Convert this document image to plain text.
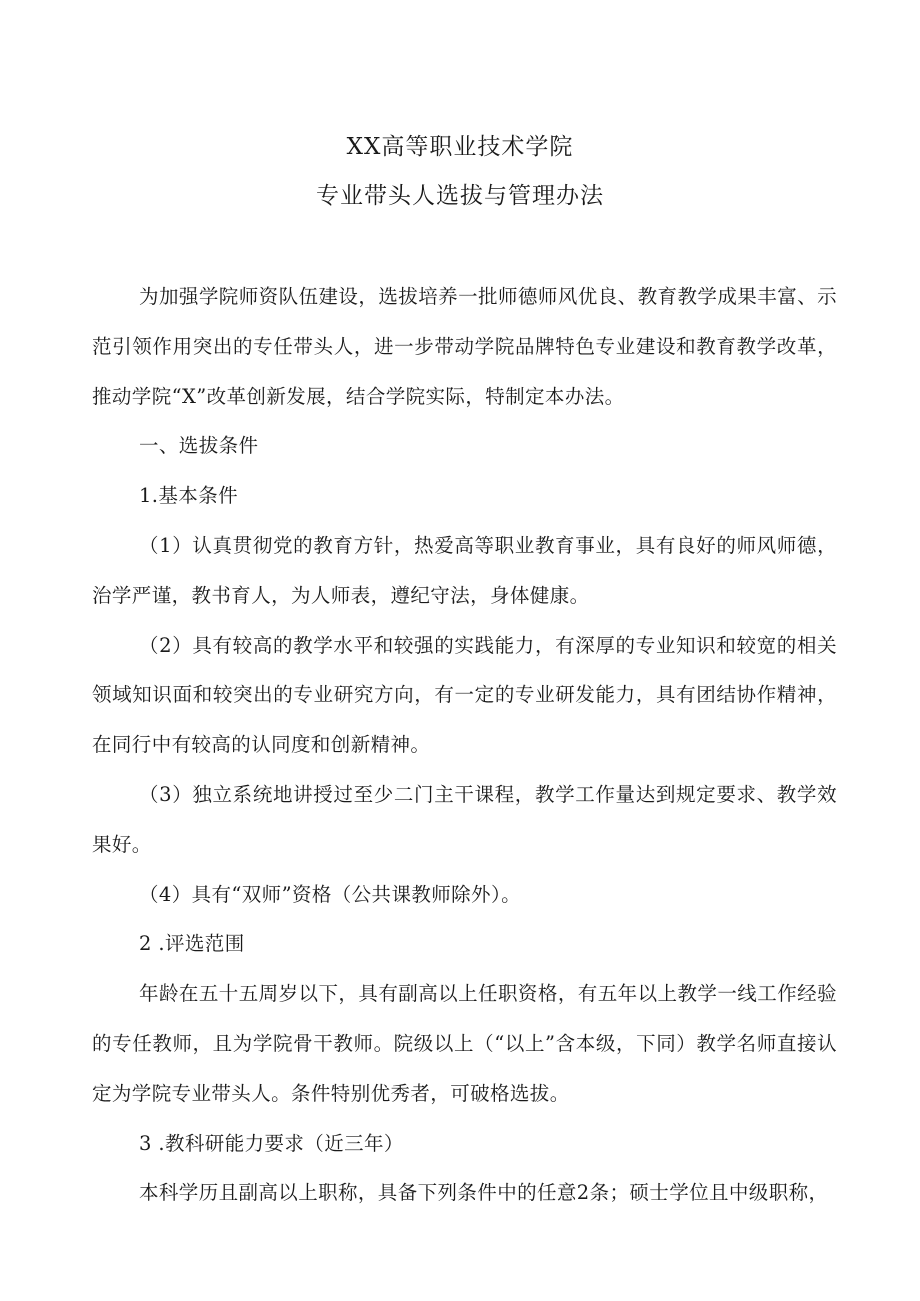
XX高等职业技术学院
专业带头人选拔与管理办法

为加强学院师资队伍建设，选拔培养一批师德师风优良、教育教学成果丰富、示范引领作用突出的专任带头人，进一步带动学院品牌特色专业建设和教育教学改革，推动学院“X”改革创新发展，结合学院实际，特制定本办法。

一、选拔条件

1.基本条件

（1）认真贯彻党的教育方针，热爱高等职业教育事业，具有良好的师风师德，治学严谨，教书育人，为人师表，遵纪守法，身体健康。

（2）具有较高的教学水平和较强的实践能力，有深厚的专业知识和较宽的相关领域知识面和较突出的专业研究方向，有一定的专业研发能力，具有团结协作精神，在同行中有较高的认同度和创新精神。

（3）独立系统地讲授过至少二门主干课程，教学工作量达到规定要求、教学效果好。

（4）具有“双师”资格（公共课教师除外）。

2 .评选范围

年龄在五十五周岁以下，具有副高以上任职资格，有五年以上教学一线工作经验的专任教师，且为学院骨干教师。院级以上（“以上”含本级，下同）教学名师直接认定为学院专业带头人。条件特别优秀者，可破格选拔。

3 .教科研能力要求（近三年）

本科学历且副高以上职称，具备下列条件中的任意2条；硕士学位且中级职称，
